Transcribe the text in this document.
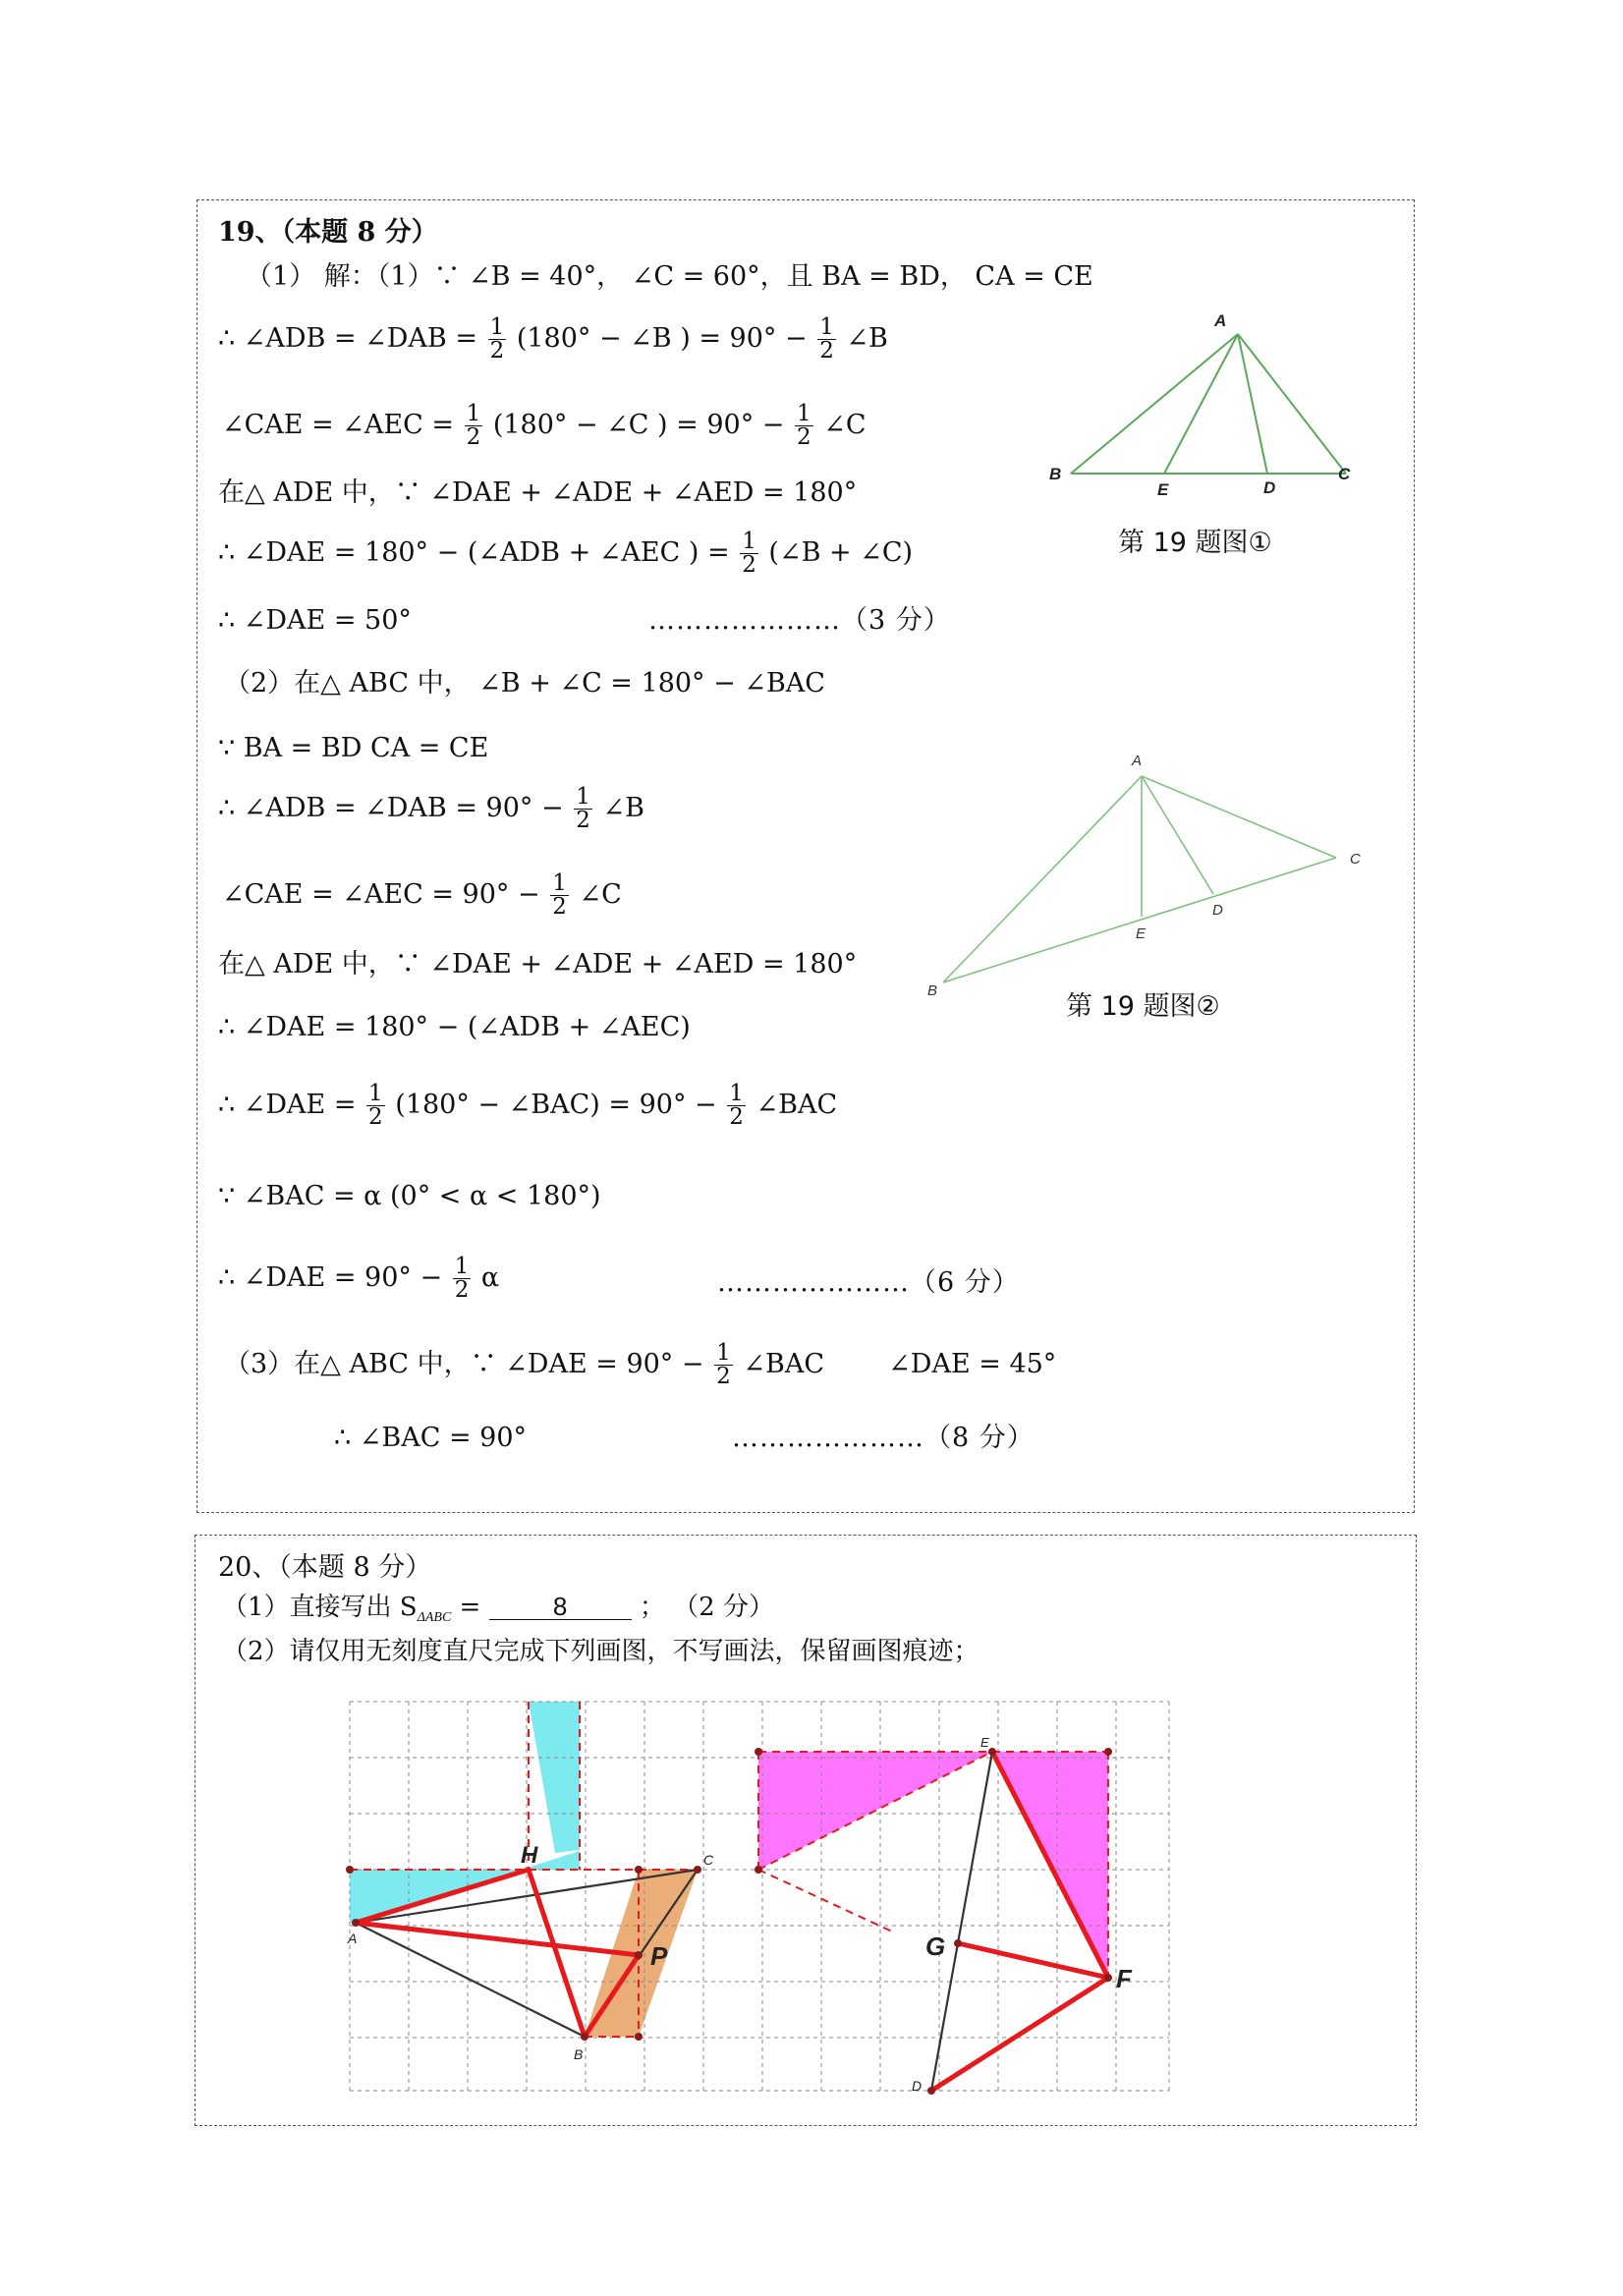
19、（本题 8 分）
（1） 解：（1）∵ ∠B = 40°， ∠C = 60°，且 BA = BD， CA = CE
∴ ∠ADB = ∠DAB = $\frac{1}{2} (180^\circ$ − ∠B ) = $90^\circ - \frac{1}{2}$ ∠B
∠CAE = ∠AEC = $\frac{1}{2} (180^\circ$ − ∠C ) = $90^\circ - \frac{1}{2}$ ∠C
在△ ADE 中，∵ ∠DAE + ∠ADE + ∠AED = 180°
∴ ∠DAE = 180° − (∠ADB + ∠AEC ) = $\frac{1}{2}$ (∠B + ∠C)
∴ ∠DAE = 50°	…………………（3 分）
（2）在△ ABC 中， ∠B + ∠C = 180° − ∠BAC
∵ BA = BD CA = CE
∴ ∠ADB = ∠DAB = $90^\circ - \frac{1}{2}$ ∠B
∠CAE = ∠AEC = $90^\circ - \frac{1}{2}$ ∠C
在△ ADE 中，∵ ∠DAE + ∠ADE + ∠AED = 180°
∴ ∠DAE = 180° − (∠ADB + ∠AEC)
∴ ∠DAE = $\frac{1}{2} (180^\circ$ − ∠BAC) = $90^\circ - \frac{1}{2}$ ∠BAC
∵ ∠BAC = α (0° < α < 180°)
∴ ∠DAE = $90^\circ - \frac{1}{2}$ α	…………………（6 分）
（3）在△ ABC 中，∵ ∠DAE = $90^\circ - \frac{1}{2}$ ∠BAC ∠DAE = 45°
∴ ∠BAC = 90°	…………………（8 分）
A
B
E	D
C
第 19 题图①
A
B
E
D
C
第 19 题图②
20、（本题 8 分）
（1）直接写出 $S_{\Delta ABC}$ =	8	； （2 分）
（2）请仅用无刻度直尺完成下列画图，不写画法，保留画图痕迹；
H
A
B
C
P
E
G
F
D
